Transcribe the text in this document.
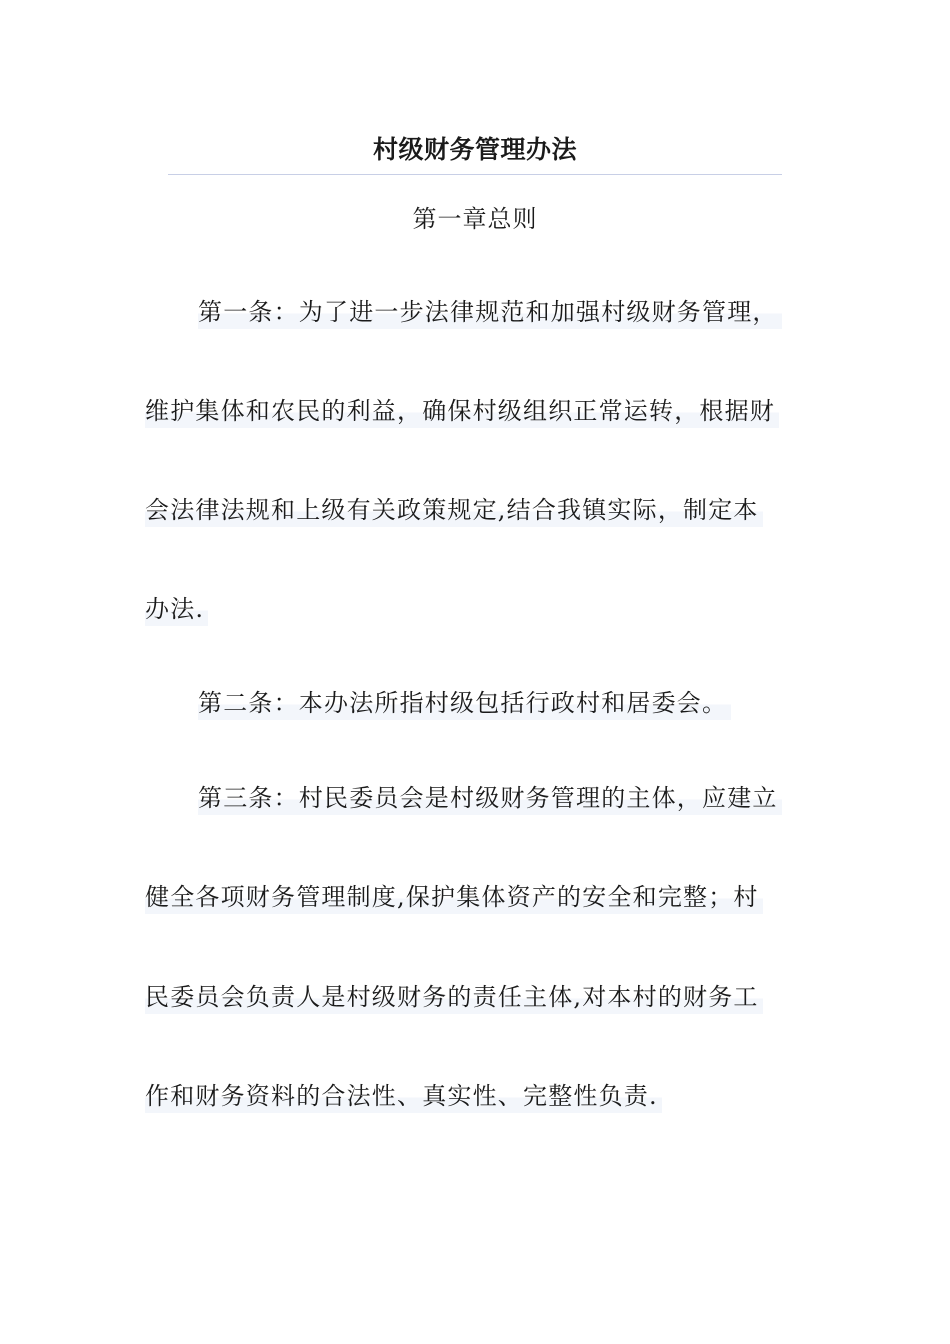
村级财务管理办法
第一章总则
第一条：为了进一步法律规范和加强村级财务管理，
维护集体和农民的利益，确保村级组织正常运转，根据财
会法律法规和上级有关政策规定,结合我镇实际，制定本
办法.
第二条：本办法所指村级包括行政村和居委会。
第三条：村民委员会是村级财务管理的主体，应建立
健全各项财务管理制度,保护集体资产的安全和完整；村
民委员会负责人是村级财务的责任主体,对本村的财务工
作和财务资料的合法性、真实性、完整性负责.
